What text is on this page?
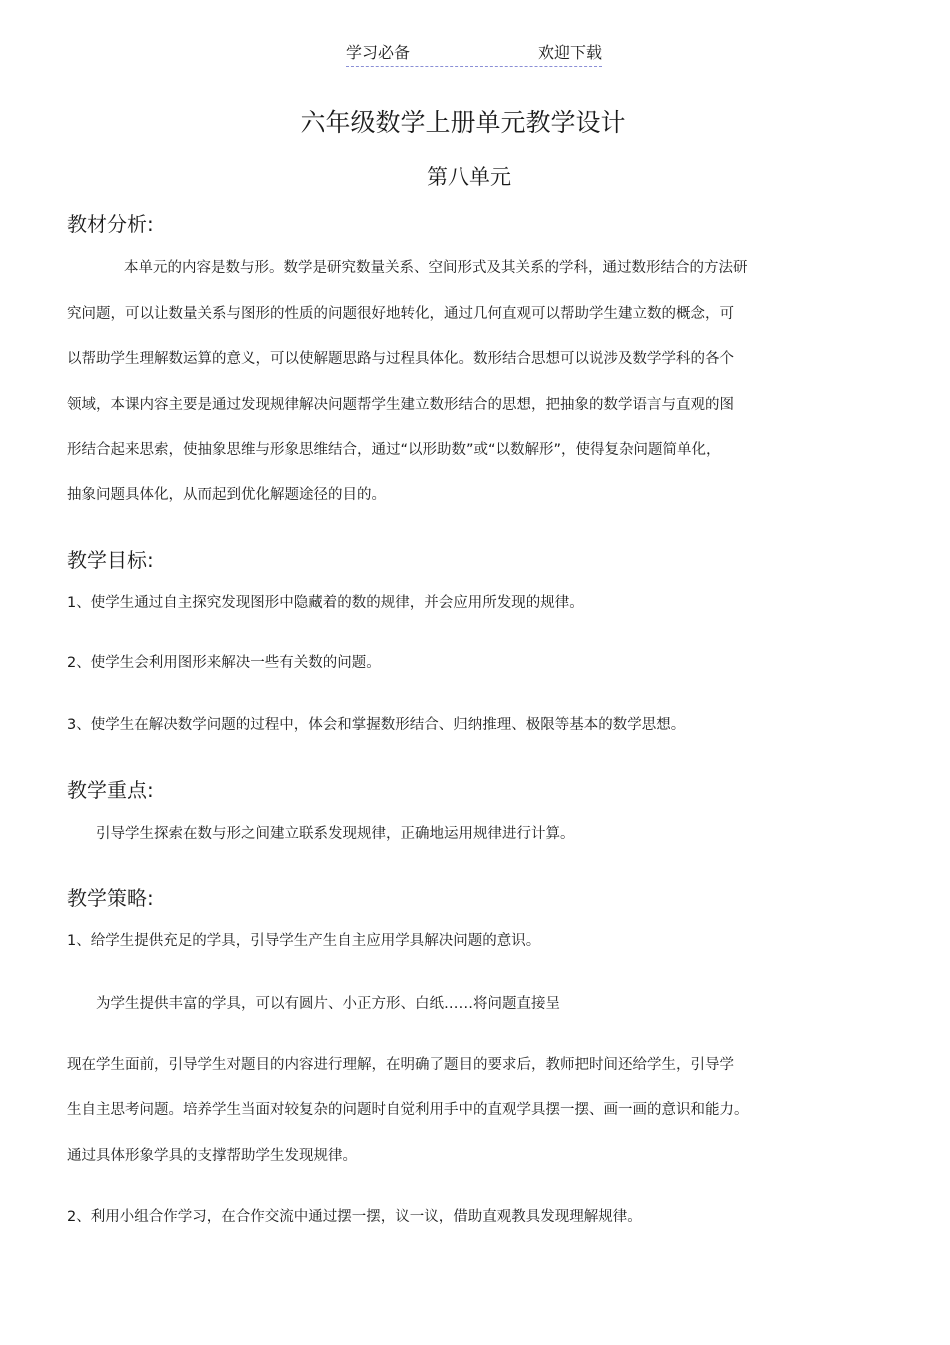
学习必备	欢迎下载
六年级数学上册单元教学设计
第八单元
教材分析:
本单元的内容是数与形。数学是研究数量关系、空间形式及其关系的学科，通过数形结合的方法研
究问题，可以让数量关系与图形的性质的问题很好地转化，通过几何直观可以帮助学生建立数的概念，可
以帮助学生理解数运算的意义，可以使解题思路与过程具体化。数形结合思想可以说涉及数学学科的各个
领域，本课内容主要是通过发现规律解决问题帮学生建立数形结合的思想，把抽象的数学语言与直观的图
形结合起来思索，使抽象思维与形象思维结合，通过“以形助数”或“以数解形”，使得复杂问题简单化，
抽象问题具体化，从而起到优化解题途径的目的。
教学目标:
1、使学生通过自主探究发现图形中隐藏着的数的规律，并会应用所发现的规律。
2、使学生会利用图形来解决一些有关数的问题。
3、使学生在解决数学问题的过程中，体会和掌握数形结合、归纳推理、极限等基本的数学思想。
教学重点:
引导学生探索在数与形之间建立联系发现规律，正确地运用规律进行计算。
教学策略:
1、给学生提供充足的学具，引导学生产生自主应用学具解决问题的意识。
为学生提供丰富的学具，可以有圆片、小正方形、白纸……将问题直接呈
现在学生面前，引导学生对题目的内容进行理解，在明确了题目的要求后，教师把时间还给学生，引导学
生自主思考问题。培养学生当面对较复杂的问题时自觉利用手中的直观学具摆一摆、画一画的意识和能力。
通过具体形象学具的支撑帮助学生发现规律。
2、利用小组合作学习，在合作交流中通过摆一摆，议一议，借助直观教具发现理解规律。
